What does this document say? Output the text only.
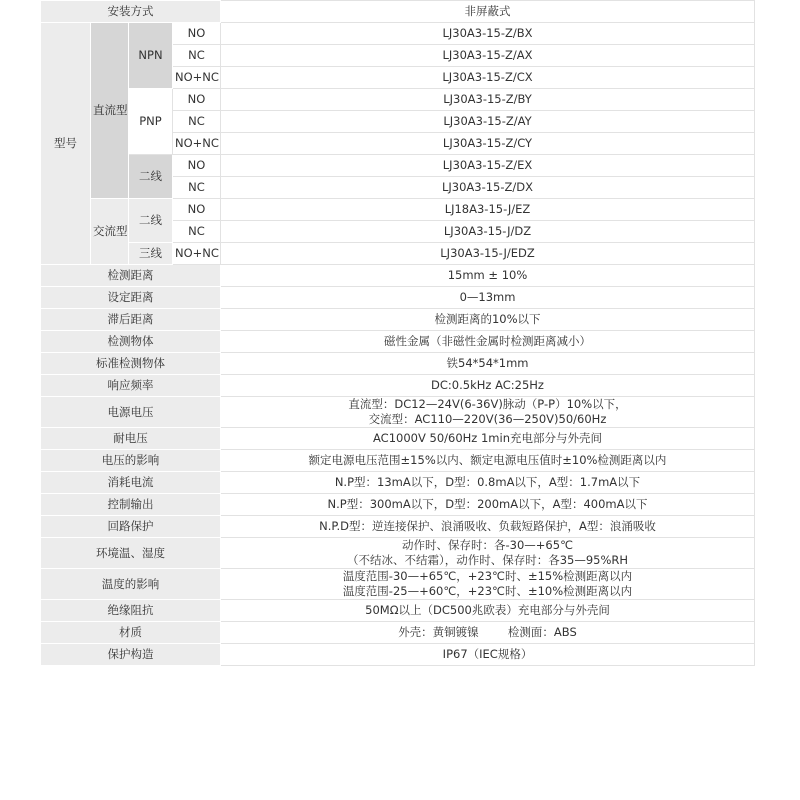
安装方式				非屏蔽式
型号	直流型	NPN	NO	LJ30A3-15-Z/BX
			NC	LJ30A3-15-Z/AX
			NO+NC	LJ30A3-15-Z/CX
		PNP	NO	LJ30A3-15-Z/BY
			NC	LJ30A3-15-Z/AY
			NO+NC	LJ30A3-15-Z/CY
		二线	NO	LJ30A3-15-Z/EX
			NC	LJ30A3-15-Z/DX
	交流型	二线	NO	LJ18A3-15-J/EZ
			NC	LJ30A3-15-J/DZ
		三线	NO+NC	LJ30A3-15-J/EDZ
检测距离				15mm ± 10%
设定距离				0—13mm
滞后距离				检测距离的10%以下
检测物体				磁性金属（非磁性金属时检测距离减小）
标准检测物体				铁54*54*1mm
响应频率				DC:0.5kHz AC:25Hz
电源电压				直流型：DC12—24V(6-36V)脉动（P-P）10%以下，
交流型：AC110—220V(36—250V)50/60Hz

耐电压				AC1000V 50/60Hz 1min充电部分与外壳间
电压的影响				额定电源电压范围±15%以内、额定电源电压值时±10%检测距离以内
消耗电流				N.P型：13mA以下，D型：0.8mA以下，A型：1.7mA以下
控制输出				N.P型：300mA以下，D型：200mA以下，A型：400mA以下
回路保护				N.P.D型：逆连接保护、浪涌吸收、负载短路保护，A型：浪涌吸收
环境温、湿度				动作时、保存时：各-30—+65℃
（不结冰、不结霜），动作时、保存时：各35—95%RH

温度的影响				温度范围-30—+65℃，+23℃时、±15%检测距离以内
温度范围-25—+60℃，+23℃时、±10%检测距离以内

绝缘阻抗				50MΩ以上（DC500兆欧表）充电部分与外壳间
材质				外壳：黄铜镀镍        检测面：ABS
保护构造				IP67（IEC规格）
